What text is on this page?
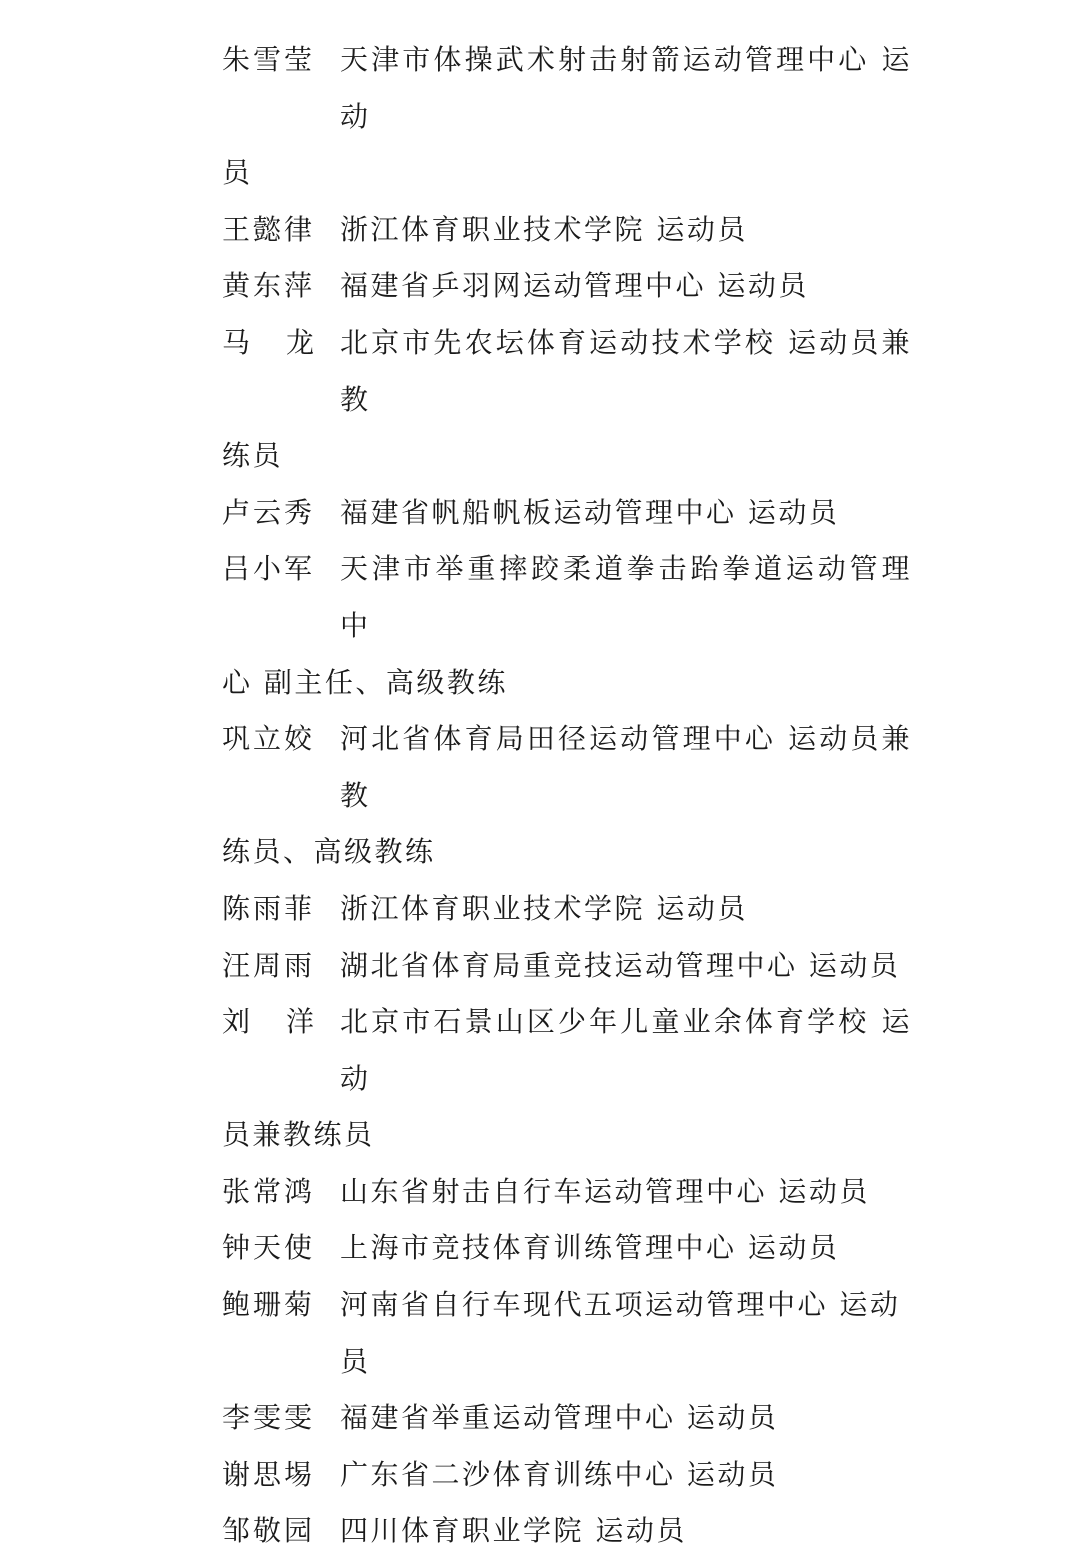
朱雪莹 天津市体操武术射击射箭运动管理中心 运动
员
王懿律 浙江体育职业技术学院 运动员
黄东萍 福建省乒羽网运动管理中心 运动员
马 龙 北京市先农坛体育运动技术学校 运动员兼教
练员
卢云秀 福建省帆船帆板运动管理中心 运动员
吕小军 天津市举重摔跤柔道拳击跆拳道运动管理中
心 副主任、高级教练
巩立姣 河北省体育局田径运动管理中心 运动员兼教
练员、高级教练
陈雨菲 浙江体育职业技术学院 运动员
汪周雨 湖北省体育局重竞技运动管理中心 运动员
刘 洋 北京市石景山区少年儿童业余体育学校 运动
员兼教练员
张常鸿 山东省射击自行车运动管理中心 运动员
钟天使 上海市竞技体育训练管理中心 运动员
鲍珊菊 河南省自行车现代五项运动管理中心 运动员
李雯雯 福建省举重运动管理中心 运动员
谢思埸 广东省二沙体育训练中心 运动员
邹敬园 四川体育职业学院 运动员
